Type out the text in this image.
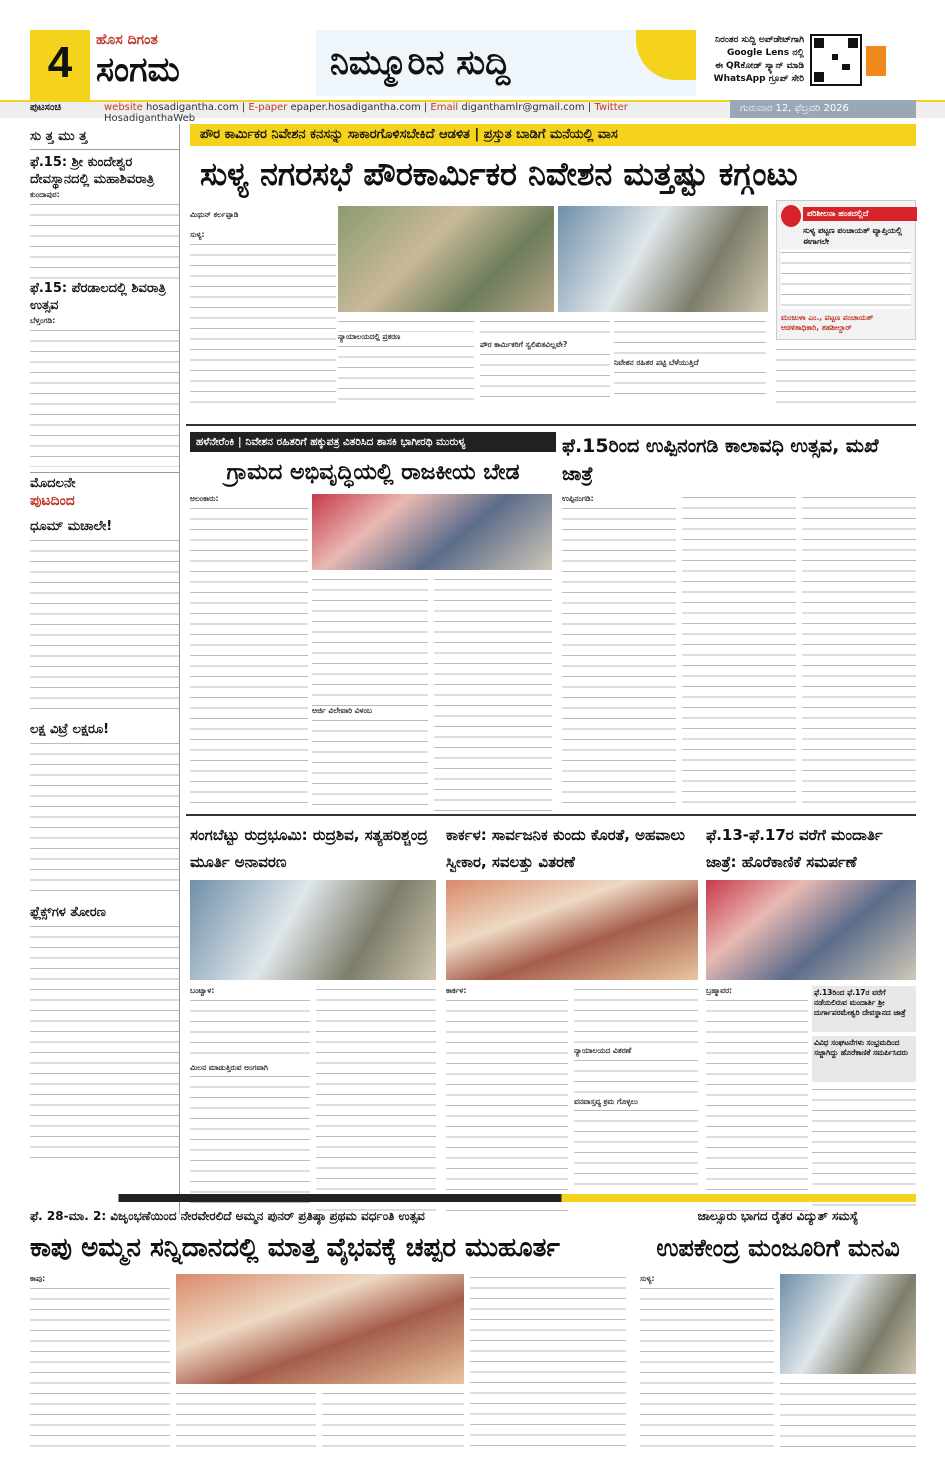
4	ಹೊಸ ದಿಗಂತ
ಸಂಗಮ	ನಿಮ್ಮೂರಿನ ಸುದ್ದಿ
ನಿರಂತರ ಸುದ್ದಿ ಅಪ್‌ಡೇಟ್‌ಗಾಗಿ
Google Lens ನಲ್ಲಿ
ಈ QRಕೋಡ್ ಸ್ಕ್ಯಾನ್ ಮಾಡಿ
WhatsApp ಗ್ರೂಪ್ ಸೇರಿ
ಪುಟಸಂಚಿ	website hosadiganthа.com | E-paper epaper.hosadigantha.com | Email diganthamlr@gmail.com | Twitter HosadiganthaWeb
ಗುರುವಾರ 12, ಫೆಬ್ರವರಿ 2026
ಸು ತ್ತ ಮು ತ್ತ
ಫೆ.15: ಶ್ರೀ ಕುಂದೇಶ್ವರ ದೇವಸ್ಥಾನದಲ್ಲಿ ಮಹಾಶಿವರಾತ್ರಿ
ಕುಂದಾಪುರ:
ಫೆ.15: ಪೆರಡಾಲದಲ್ಲಿ ಶಿವರಾತ್ರಿ ಉತ್ಸವ
ಬೆಳ್ತಂಗಡಿ:
ಮೊದಲನೇ
ಪುಟದಿಂದ
ಧೂಮ್ ಮಚಾಲೇ!
ಲಕ್ಷ ವಿಟ್ರೆ ಲಕ್ಷರೂ!
ಫ್ಲೆಕ್ಸ್‌ಗಳ ತೋರಣ
ಪೌರ ಕಾರ್ಮಿಕರ ನಿವೇಶನ ಕನಸನ್ನು ಸಾಕಾರಗೊಳಿಸಬೇಕಿದೆ ಆಡಳಿತ | ಪ್ರಸ್ತುತ ಬಾಡಿಗೆ ಮನೆಯಲ್ಲಿ ವಾಸ
ಸುಳ್ಯ ನಗರಸಭೆ ಪೌರಕಾರ್ಮಿಕರ ನಿವೇಶನ ಮತ್ತಷ್ಟು ಕಗ್ಗಂಟು
ಮಿಥುನ್ ಕರ್ಲಪ್ಪಾಡಿ
ಸುಳ್ಯ:
ನ್ಯಾಯಾಲಯದಲ್ಲಿ ಪ್ರಕರಣ
ಪೌರ ಕಾರ್ಮಿಕರಿಗೆ ಸ್ವಲಿಖಿತವಿಲ್ಲವೇ?
ನಿವೇಶನ ರಹಿತರ ಪಟ್ಟಿ ಬೆಳೆಯುತ್ತಿದೆ
ಪರಿಶೀಲನಾ ಹಂತದಲ್ಲಿದೆ
ಸುಳ್ಯ ಪಟ್ಟಣ ಪಂಚಾಯತ್ ವ್ಯಾಪ್ತಿಯಲ್ಲಿ ಈಗಾಗಲೇ
ಮಂಜುಳಾ ಎಂ., ಪಟ್ಟಣ ಪಂಚಾಯತ್ ಆಡಳಿತಾಧಿಕಾರಿ, ತಹಶೀಲ್ದಾರ್
ಹಳೆನೇರೆಂಕಿ | ನಿವೇಶನ ರಹಿತರಿಗೆ ಹಕ್ಕುಪತ್ರ ವಿತರಿಸಿದ ಶಾಸಕಿ ಭಾಗೀರಥಿ ಮುರುಳ್ಯ
ಗ್ರಾಮದ ಅಭಿವೃದ್ಧಿಯಲ್ಲಿ ರಾಜಕೀಯ ಬೇಡ
ಆಲಂಕಾರು:
ಅರ್ಜಿ ವಿಲೇವಾರಿ ವಿಳಂಬ
ಫೆ.15ರಿಂದ ಉಪ್ಪಿನಂಗಡಿ ಕಾಲಾವಧಿ ಉತ್ಸವ, ಮಖೆ ಜಾತ್ರೆ
ಉಪ್ಪಿನಂಗಡಿ:
ಸಂಗಬೆಟ್ಟು ರುದ್ರಭೂಮಿ: ರುದ್ರಶಿವ, ಸತ್ಯಹರಿಶ್ಚಂದ್ರ ಮೂರ್ತಿ ಅನಾವರಣ
ಬಂಟ್ವಾಳ:
ಮಿಲನ ಮಾಡುತ್ತಿರುವ ಅಂಗವಾಗಿ
ಕಾರ್ಕಳ: ಸಾರ್ವಜನಿಕ ಕುಂದು ಕೊರತೆ, ಅಹವಾಲು ಸ್ವೀಕಾರ, ಸವಲತ್ತು ವಿತರಣೆ
ಕಾರ್ಕಳ:
ನ್ಯಾಯಾಲಯದ ವಿತರಣೆ
ವನವಾಸ್ತವ್ಯ ಕ್ರಮ ಗೊಳ್ಳಲು
ಫೆ.13-ಫೆ.17ರ ವರೆಗೆ ಮಂದಾರ್ತಿ ಜಾತ್ರೆ: ಹೊರೆಕಾಣಿಕೆ ಸಮರ್ಪಣೆ
ಬ್ರಹ್ಮಾವರ:	ಫೆ.13ರಿಂದ ಫೆ.17ರ ವರೆಗೆ ನಡೆಯಲಿರುವ ಮಂದಾರ್ತಿ ಶ್ರೀ ದುರ್ಗಾಪರಮೇಶ್ವರಿ ದೇವಸ್ಥಾನದ ಜಾತ್ರೆ
ವಿವಿಧ ಸಂಘಟನೆಗಳು ಸಂಭ್ರಮದಿಂದ ಸಜ್ಜಾಗಿದ್ದು ಹೊರೆಕಾಣಿಕೆ ಸಮರ್ಪಿಸಿದರು
ಫೆ. 28-ಮಾ. 2: ವಿಜೃಂಭಣೆಯಿಂದ ನೇರವೇರಲಿದೆ ಅಮ್ಮನ ಪುನರ್ ಪ್ರತಿಷ್ಠಾ ಪ್ರಥಮ ವರ್ಧಂತಿ ಉತ್ಸವ
ಕಾಪು ಅಮ್ಮನ ಸನ್ನಿದಾನದಲ್ಲಿ ಮಾತ್ತ ವೈಭವಕ್ಕೆ ಚಪ್ಪರ ಮುಹೂರ್ತ
ಕಾಪು:
ಜಾಲ್ಸೂರು ಭಾಗದ ರೈತರ ವಿದ್ಯುತ್ ಸಮಸ್ಯೆ
ಉಪಕೇಂದ್ರ ಮಂಜೂರಿಗೆ ಮನವಿ
ಸುಳ್ಯ:
